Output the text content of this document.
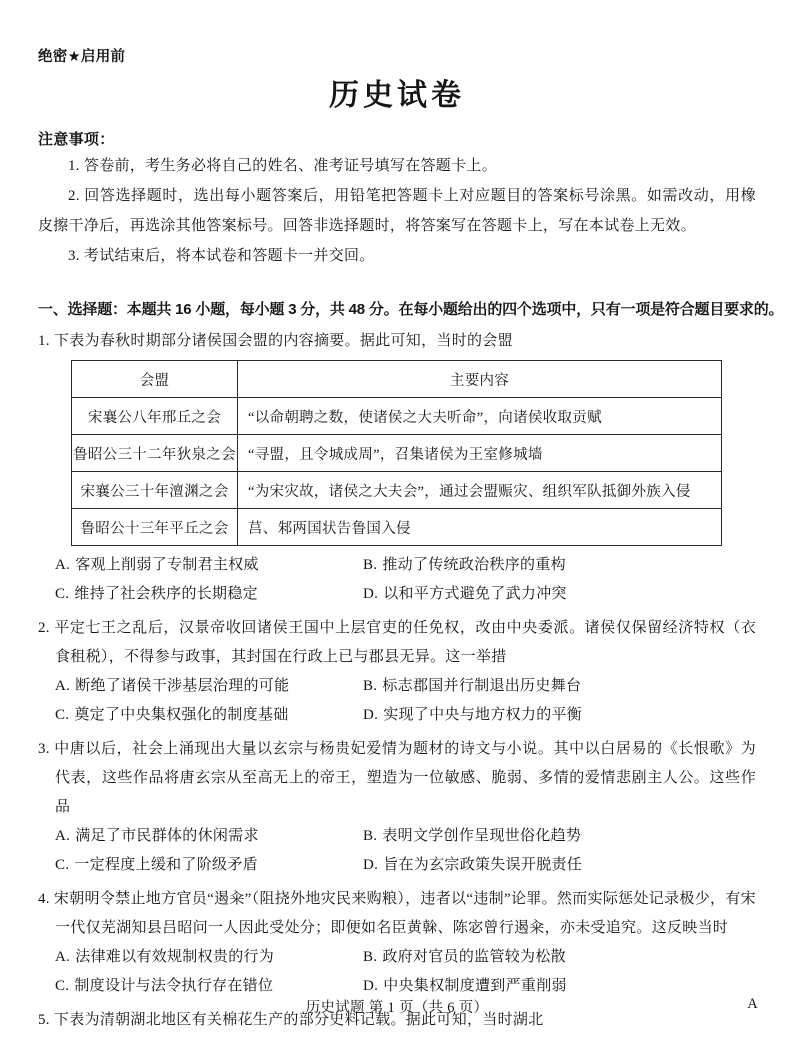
绝密★启用前
历史试卷
注意事项：

1. 答卷前，考生务必将自己的姓名、准考证号填写在答题卡上。

2. 回答选择题时，选出每小题答案后，用铅笔把答题卡上对应题目的答案标号涂黑。如需改动，用橡皮擦干净后，再选涂其他答案标号。回答非选择题时，将答案写在答题卡上，写在本试卷上无效。

3. 考试结束后，将本试卷和答题卡一并交回。

一、选择题：本题共 16 小题，每小题 3 分，共 48 分。在每小题给出的四个选项中，只有一项是符合题目要求的。

1. 下表为春秋时期部分诸侯国会盟的内容摘要。据此可知，当时的会盟

会盟	主要内容
宋襄公八年邢丘之会	“以命朝聘之数，使诸侯之大夫听命”，向诸侯收取贡赋
鲁昭公三十二年狄泉之会	“寻盟，且令城成周”，召集诸侯为王室修城墙
宋襄公三十年澶渊之会	“为宋灾故，诸侯之大夫会”，通过会盟赈灾、组织军队抵御外族入侵
鲁昭公十三年平丘之会	莒、邾两国状告鲁国入侵
A. 客观上削弱了专制君主权威	B. 推动了传统政治秩序的重构
C. 维持了社会秩序的长期稳定	D. 以和平方式避免了武力冲突

2. 平定七王之乱后，汉景帝收回诸侯王国中上层官吏的任免权，改由中央委派。诸侯仅保留经济特权（衣食租税），不得参与政事，其封国在行政上已与郡县无异。这一举措

A. 断绝了诸侯干涉基层治理的可能	B. 标志郡国并行制退出历史舞台
C. 奠定了中央集权强化的制度基础	D. 实现了中央与地方权力的平衡

3. 中唐以后，社会上涌现出大量以玄宗与杨贵妃爱情为题材的诗文与小说。其中以白居易的《长恨歌》为代表，这些作品将唐玄宗从至高无上的帝王，塑造为一位敏感、脆弱、多情的爱情悲剧主人公。这些作品

A. 满足了市民群体的休闲需求	B. 表明文学创作呈现世俗化趋势
C. 一定程度上缓和了阶级矛盾	D. 旨在为玄宗政策失误开脱责任

4. 宋朝明令禁止地方官员“遏籴”（阻挠外地灾民来购粮），违者以“违制”论罪。然而实际惩处记录极少，有宋一代仅芜湖知县吕昭问一人因此受处分；即便如名臣黄榦、陈宓曾行遏籴，亦未受追究。这反映当时

A. 法律难以有效规制权贵的行为	B. 政府对官员的监管较为松散
C. 制度设计与法令执行存在错位	D. 中央集权制度遭到严重削弱

5. 下表为清朝湖北地区有关棉花生产的部分史料记载。据此可知，当时湖北

历史试题 第 1 页（共 6 页）	A
